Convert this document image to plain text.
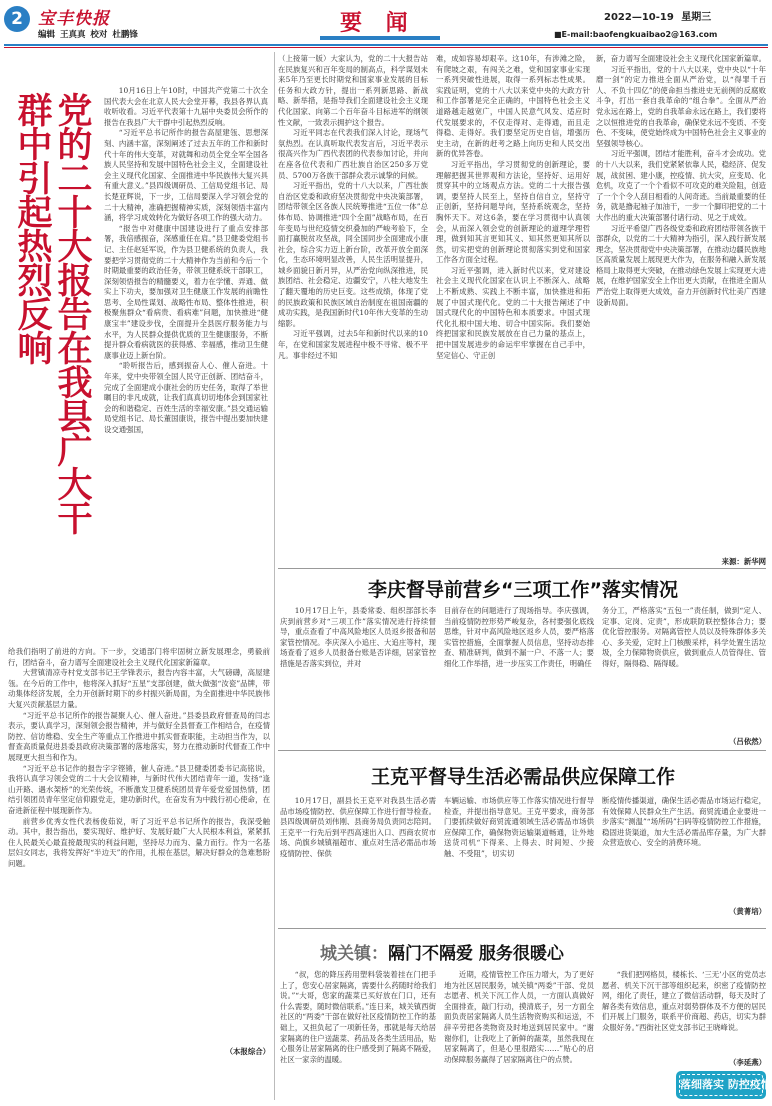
2 宝丰快报
编辑 王真真 校对 杜鹏锋	要 闻	2022—10-19 星期三
■E-mail:baofengkuaibao2@163.com
党的二十大报告在我县广大干群中引起热烈反响

10月16日上午10时，中国共产党第二十次全国代表大会在北京人民大会堂开幕，我县各界认真收听收看。习近平代表第十九届中央委员会所作的报告在我县广大干群中引起热烈反响。

“习近平总书记所作的报告高屋建瓴、思想深刻、内涵丰富，深刻阐述了过去五年的工作和新时代十年的伟大变革，对就舞和动员全党全军全国各族人民坚持和发展中国特色社会主义，全面建设社会主义现代化国家、全面推进中华民族伟大复兴具有重大意义。”县四级调研员、工信局党组书记、局长楚亚辉说，下一步，工信局要深入学习领会党的二十大精神，准确把握精神实质，深刻领悟丰富内涵，将学习成效转化为做好各项工作的强大动力。

“报告中对健康中国建设进行了重点安排部署，我倍感振奋，深感重任在肩。”县卫健委党组书记、主任赵延军说，作为县卫健系统的负责人，我要把学习贯彻党的二十大精神作为当前和今后一个时期最重要的政治任务，带领卫健系统干部职工，深刻领悟报告的精髓要义，着力在学懂、弄通、做实上下功夫，要加强对卫生健康工作发展的前瞻性思考、全局性谋划、战略性布局、整体性推进，积极聚焦群众“看病贵、看病难”问题，加快推进“健康宝丰”建设步伐，全面提升全县医疗服务能力与水平，为人民群众提供优质的卫生健康服务，不断提升群众看病就医的获得感、幸福感，推动卫生健康事业迈上新台阶。

“聆听报告后，感到振奋人心、催人奋进。十年来，党中央带领全国人民守正创新、团结奋斗，完成了全面建成小康社会的历史任务，取得了举世瞩目的非凡成就，让我们真真切切地体会到国家社会的和谐稳定、百姓生活的幸福安康。”县交通运输局党组书记、局长董国康说，报告中提出要加快建设交通强国，

给我们指明了前进的方向。下一步，交通部门将牢固树立新发展理念，勇毅前行，团结奋斗，奋力谱写全面建设社会主义现代化国家新篇章。

大营镇清凉寺村党支部书记王学锋表示，报告内容丰富，大气磅礴，高屋建瓴。在今后的工作中，他将深入抓好“五星”支部创建，做大做强“汝瓷”品牌，带动集体经济发展，全力开创新时期下的乡村振兴新局面，为全面推进中华民族伟大复兴贡献基层力量。

“习近平总书记所作的报告凝聚人心、催人奋进。”县委县政府督查局的闫志表示，要认真学习，深刻领会报告精神，并与做好全县督查工作相结合，在疫情防控、信访维稳、安全生产等重点工作推进中抓实督查职能，主动担当作为，以督查高质量促进县委县政府决策部署的落地落实，努力在推动新时代督查工作中展现更大担当和作为。

“习近平总书记作的报告字字铿锵，催人奋进。”县卫健委团委书记高铭说，我将认真学习领会党的二十大会议精神，与新时代伟大团结青年一道，发扬“逢山开路、遇水架桥”的光荣传统，不断激发卫健系统团员青年爱党爱国热情，团结引领团员青年坚定信仰跟党走，建功新时代，在奋发有为中践行初心使命，在奋进新征程中展现新作为。

前营乡优秀女性代表杨俊茹说，听了习近平总书记所作的报告，我深受触动。其中，报告指出，要实现好、维护好、发展好最广大人民根本利益，紧紧抓住人民最关心最直接最现实的利益问题，坚持尽力而为、量力而行。作为一名基层妇女同志，我将发挥好“半边天”的作用，扎根在基层，解决好群众的急难愁盼问题。

（本报综合）

（上接第一版）大家认为，党的二十大报告站在民族复兴和百年变局的制高点，科学谋划未来5年乃至更长时期党和国家事业发展的目标任务和大政方针，提出一系列新思路、新战略、新举措，是指导我们全面建设社会主义现代化国家、向第二个百年奋斗目标进军的纲领性文献，一致表示拥护这个报告。

习近平同志在代表我们深入讨论，现场气氛热烈。在认真听取代表发言后，习近平表示很高兴作为广西代表团的代表参加讨论，并向在座各位代表和广西壮族自治区250多万党员、5700万各族干部群众表示诚挚的问候。

习近平指出，党的十八大以来，广西壮族自治区党委和政府坚决贯彻党中央决策部署，团结带领全区各族人民统筹推进“五位一体”总体布局、协调推进“四个全面”战略布局，在百年变局与世纪疫情交织叠加的严峻考验下，全面打赢脱贫攻坚战，同全国同步全面建成小康社会，综合实力迈上新台阶，改革开放全面深化，生态环境明显改善，人民生活明显提升，城乡面貌日新月异，从严治党向纵深推进，民族团结、社会稳定、边疆安宁，八桂大地发生了翻天覆地的历史巨变。这些成绩，体现了党的民族政策和民族区域自治制度在祖国南疆的成功实践，是我国新时代10年伟大变革的生动缩影。

习近平强调，过去5年和新时代以来的10年，在党和国家发展进程中极不寻常、极不平凡。事非经过不知

难，成如容易却艰辛。这10年，有涉滩之险，有爬坡之艰，有闯关之难，党和国家事业实现一系列突破性进展，取得一系列标志性成果。实践证明，党的十八大以来党中央的大政方针和工作部署是完全正确的，中国特色社会主义道路越走越宽广，中国人民意气风发、适应时代发展要求的，不仅走得对、走得通，而且走得稳、走得好。我们要坚定历史自信，增强历史主动，在新的赶考之路上向历史和人民交出新的优异答卷。

习近平指出，学习贯彻党的创新理论，要理解把握其世界观和方法论，坚持好、运用好贯穿其中的立场观点方法。党的二十大报告强调，要坚持人民至上，坚持自信自立，坚持守正创新，坚持问题导向，坚持系统观念，坚持胸怀天下。对这6条，要在学习贯彻中认真领会，从而深入领会党的创新理论的道理学理哲理，做到知其言更知其义、知其然更知其所以然，切实把党的创新理论贯彻落实到党和国家工作各方面全过程。

习近平强调，进入新时代以来，党对建设社会主义现代化国家在认识上不断深入、战略上不断成熟、实践上不断丰富，加快推进和拓展了中国式现代化。党的二十大报告阐述了中国式现代化的中国特色和本质要求。中国式现代化扎根中国大地、切合中国实际。我们要始终把国家和民族发展放在自己力量的基点上，把中国发展进步的命运牢牢掌握在自己手中，坚定信心、守正创

新，奋力谱写全面建设社会主义现代化国家新篇章。

习近平指出，党的十八大以来，党中央以“十年磨一剑”的定力推进全面从严治党，以“得罪千百人、不负十四亿”的使命担当推进史无前例的反腐败斗争，打出一套自我革命的“组合拳”。全面从严治党永远在路上，党的自我革命永远在路上，我们要将之以恒推进党的自我革命，确保党永远不变质、不变色、不变味，使党始终成为中国特色社会主义事业的坚强领导核心。

习近平强调，团结才能胜利，奋斗才会成功。党的十八大以来，我们党紧紧依靠人民，稳经济、促发展，战贫困、建小康，控疫情、抗大灾，应变局、化危机，攻克了一个个看似不可攻克的难关险阻，创造了一个个令人刮目相看的人间奇迹。当前最重要的任务，就是撸起袖子加油干，一步一个脚印把党的二十大作出的重大决策部署付诸行动、见之于成效。

习近平希望广西各级党委和政府团结带领各族干部群众，以党的二十大精神为指引，深入践行新发展理念，坚决贯彻党中央决策部署，在推动边疆民族地区高质量发展上展现更大作为，在服务和融入新发展格局上取得更大突破，在推动绿色发展上实现更大进展，在维护国家安全上作出更大贡献，在推进全面从严治党上取得更大成效，奋力开创新时代壮美广西建设新局面。

来源：新华网
李庆督导前营乡“三项工作”落实情况

10月17日上午，县委常委、组织部部长李庆到前营乡对“三项工作”落实情况进行持续督导，重点查看了中高风险地区人员返乡报备和居家管控情况。李庆深入小追庄、大追庄等村，现场查看了返乡人员报备台账是否详细，居家管控措施是否落实到位，并对

目前存在的问题进行了现场指导。李庆强调，当前疫情防控形势严峻复杂，各村要强化底线思维，针对中高风险地区返乡人员，要严格落实管控措施，全面掌握人员信息，坚持动态排查、精准研判，做到不漏一户、不落一人；要细化工作举措，进一步压实工作责任，明确任

务分工，严格落实“五包一”责任制，做到“定人、定事、定岗、定责”，形成联防联控整体合力；要优化管控服务。对隔离管控人员以及特殊群体多关心、多关爱，定时上门核酸采样，科学处置生活垃圾，全力保障物资供应，做到重点人员管得住、管得好，隔得稳、隔得暖。

（吕依然）
王克平督导生活必需品供应保障工作

10月17日，副县长王克平对我县生活必需品市场疫情防控、供应保障工作进行督导检查。县四级调研员刘伟刚、县商务局负责同志陪同。王克平一行先后到平西高速出入口、西商农贸市场、尚旗乡城镇福超市、重点对生活必需品市场疫情防控、保供

车辆运输、市场供应等工作落实情况进行督导检查，并提出指导意见。王克平要求，商务部门要抓续做好商贸流通领域生活必需品市场供应保障工作，确保物资运输渠道畅通，让外地送货司机“下得来、上得去、时间短、少接触、不受阻”，切实切

断疫情传播渠道，确保生活必需品市场运行稳定，有效保障人民群众生产生活。商贸流通企业要进一步落实“测温”“场所码”扫码等疫情防控工作措施，稳固进货渠道，加大生活必需品库存量，为广大群众营造放心、安全的消费环境。

（黄菁培）
城关镇：隔门不隔爱 服务很暖心

“叔，您的降压药用塑料袋装着挂在门把手上了，您安心居家隔离，需要什么药随时给我们说。”“大哥，您家的蔬菜已买好放在门口，还有什么需要，随时微信联系。”连日来，城关镇西街社区的“两委”干部在做好社区疫情防控工作的基础上，又担负起了一项新任务，那就是每天给居家隔离的住户送蔬菜、药品及各类生活用品，贴心服务让居家隔离的住户感受到了隔离不隔爱，社区一家亲的温暖。

近期，疫情管控工作压力增大，为了更好地为社区居民服务，城关镇“两委”干部、党员志愿者、机关下沉工作人员，一方面认真做好全面排查，敲门行动，摸清底子，另一方面全面负责居家隔离人员生活物资购买和运送，不辞辛劳把各类物资及时地送到居民家中。“谢谢你们，让我吃上了新鲜的蔬菜，虽然我现在居家隔离了，但是心里很踏实……”贴心的启动保障服务赢得了居家隔离住户的点赞。

“我们把网格员，楼栋长、‘三无’小区的党员志愿者、机关下沉干部等组织起来，织密了疫情防控网，细化了责任，建立了微信活动群，每天及时了解各类有效信息，重点对弱势群体及不方便的居民们开展上门服务，联系平价商超、药店，切实为群众服好务。”西街社区党支部书记王晓峰说。

（李延燕）
落细落实 防控疫情
